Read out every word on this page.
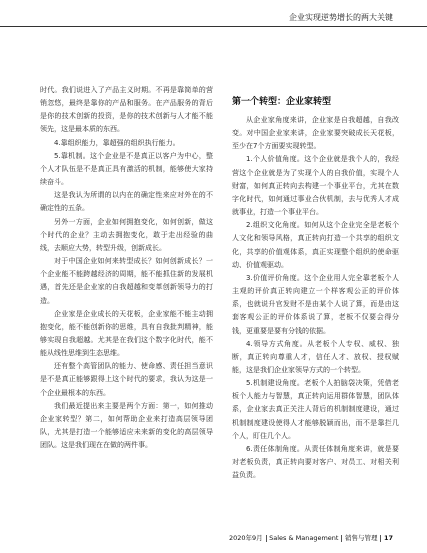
企业实现逆势增长的两大关键

时代。我们说进入了产品主义时期。不再是靠简单的营销忽悠，最终是靠你的产品和服务。在产品服务的背后是你的技术创新的投资，是你的技术创新与人才能不能领先，这是最本质的东西。

4.靠组织能力，靠超强的组织执行能力。

5.靠机制。这个企业是不是真正以客户为中心，整个人才队伍是不是真正具有激活的机制，能够使大家持续奋斗。

这是我认为所谓的以内在的确定性来应对外在的不确定性的五条。

另外一方面，企业如何拥抱变化，如何创新，做这个时代的企业？主动去拥抱变化，敢于走出经验的曲线，去顺应大势，转型升级，创新成长。

对于中国企业如何来转型成长？如何创新成长？一个企业能不能跨越经济的周期，能不能抓住新的发展机遇，首先还是企业家的自我超越和变革创新领导力的打造。

企业家是企业成长的天花板，企业家能不能主动拥抱变化，能不能创新你的思维，具有自我批判精神，能够实现自我超越。尤其是在我们这个数字化时代，能不能从线性思维到生态思维。

还有整个高管团队的能力、使命感、责任担当意识是不是真正能够跟得上这个时代的要求，我认为这是一个企业最根本的东西。

我们最近提出来主要是两个方面：第一，如何推动企业家转型？第二，如何帮助企业来打造高层领导团队，尤其是打造一个能够适应未来新的变化的高层领导团队。这是我们现在在做的两件事。

第一个转型：企业家转型

从企业家角度来讲，企业家是自我超越，自我改变。对中国企业家来讲，企业家要突破成长天花板，至少在7个方面要实现转型。

1.个人价值角度。这个企业就是我个人的，我经营这个企业就是为了实现个人的自我价值，实现个人财富，如何真正转向去构建一个事业平台，尤其在数字化时代，如何通过事业合伙机制，去与优秀人才成就事业，打造一个事业平台。

2.组织文化角度。如何从这个企业完全是老板个人文化和领导风格，真正转向打造一个共享的组织文化，共享的价值观体系，真正实现整个组织的使命驱动、价值观驱动。

3.价值评价角度。这个企业用人完全靠老板个人主观的评价真正转向建立一个样客观公正的评价体系，也就说升官发财不是由某个人说了算，而是由这套客观公正的评价体系说了算，老板不仅要会得分钱，更重要是要有分钱的依据。

4.领导方式角度。从老板个人专权、威权、独断，真正转向尊重人才，信任人才、放权、授权赋能，这是我们企业家领导方式的一个转型。

5.机制建设角度。老板个人拍脑袋决策，凭借老板个人能力与智慧，真正转向运用群体智慧，团队体系，企业家去真正关注人背后的机制制度建设，通过机制制度建设使得人才能够脱颖而出，而不是靠拦几个人，盯住几个人。

6.责任体制角度。从责任体制角度来讲，就是要对老板负责，真正转向要对客户、对员工、对相关利益负责。

2020年9月 Sales & Management 销售与管理 17
